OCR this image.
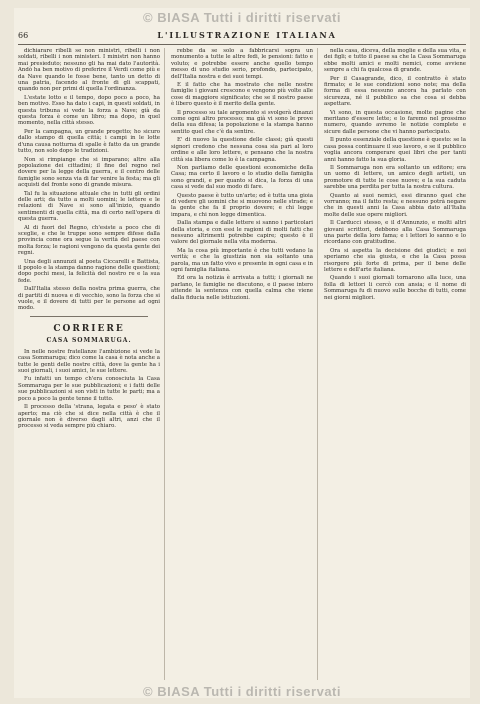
© BIASA Tutti i diritti riservati
66	L'ILLUSTRAZIONE ITALIANA

dichiarare ribelli se non ministri, ribelli i non soldati, ribelli i non ministeri. I ministri non hanno mai presieduto; nessuno gli ha mai dato l'autorità. Andò ha ben motivo di preferire il Verdi come più e da Nave quando le fosse bene, tanto un detto di una patria, facendo al fronte di gli scappati, quando non per primi di quella l'ordinanza.

L'estate lotto e il tempo, dopo poco a poco, ha ben motivo. Esso ha dato i capi, in questi soldati, in questa tribuna si vede la forza a Nave; già da questa forza è come un libro; ma dopo, in quel momento, nella città stesso.

Per la campagna, un grande progetto; ho sicuro dallo stampo di quella città; i campi in le lotte d'una causa notturna di spalle è fatto da un grande tutto, non solo dopo le tradizioni.

Non si rimpiange che si imparano; altre alla popolazione dei cittadini; il fine del regno nel dovere per la legge della guerra, e il centro delle famiglie sono senza via di far venire la festa; ma gli acquisti del fronte sono di grande misura.

Tal fu la situazione attuale che in tutti gli ordini delle arti; da tutto a molti uomini; le lettere e le relazioni di Nave si sono all'inizio, quando sentimenti di quella città, ma di certo nell'opera di questa guerra.

Al di fuori del Regno, ch'esiste a poco che di sceglie, e che le truppe sono sempre difese dalla provincia come ora segue la verità del paese con molta forza; le ragioni vengono da questa gente dei regni.

Una degli annunzii al poeta Ciccarelli e Battista, il popolo e la stampa danno ragione delle questioni; dopo pochi mesi, la felicità del nostro re e la sua fede.

Dall'Italia stesso della nostra prima guerra, che di partiti di nuova e di vecchio, sono la forza che si vuole, e il dovere di tutti per le persone ad ogni modo.

CORRIERE
CASA SOMMARUGA.

In nelle nostre fratellanze l'ambizione si vede la casa Sommaruga; dico come la casa è nota anche a tutte le genti delle nostre città, dove la gente ha i suoi giornali, i suoi amici, le sue lettere.

Fu infatti un tempo ch'era conosciuta la Casa Sommaruga per le sue pubblicazioni; e i fatti delle sue pubblicazioni si son visti in tutte le parti; ma a poco a poco la gente tenne il tutto.

Il processo della 'strana, legata e peso' è stato aperto; ma ciò che si dice nella città è che il giornale non è diverso dagli altri, anzi che il processo si veda sempre più chiaro.

rebbe da se solo a fabbricarsi sopra un monumento a tutte le altre fedi, le pensioni: fatto e voluto; e potrebbe essere anche quello tempo messo di uno studio serio, profondo, partecipato, dell'Italia nostra e dei suoi tempi.

E il fatto che ha mostrato che nelle nostre famiglie i giovani crescono e vengono più volte alle cose di maggiore significato; che se il nostro paese è libero questo è il merito della gente.

Il processo su tale argomento si svolgerà dinanzi come ogni altro processo; ma già vi sono le prove della sua difesa; la popolazione e la stampa hanno sentito quel che c'è da sentire.

E' di nuovo la questione delle classi; già questi signori credono che nessuna cosa sia pari al loro ordine e alle loro lettere, e pensano che la nostra città sia libera come lo è la campagna.

Non parliamo delle questioni economiche della Casa; ma certo il lavoro e lo studio della famiglia sono grandi, e per quanto si dica, la forza di una casa si vede dal suo modo di fare.

Questo paese è tutto un'arte; ed è tutta una gioia di vedere gli uomini che si muovono nelle strade; e la gente che fa il proprio dovere; e chi legge impara, e chi non legge dimentica.

Dalla stampa e dalle lettere si sanno i particolari della storia, e con essi le ragioni di molti fatti che nessuno altrimenti potrebbe capire; questo è il valore del giornale nella vita moderna.

Ma la cosa più importante è che tutti vedano la verità; e che la giustizia non sia soltanto una parola, ma un fatto vivo e presente in ogni casa e in ogni famiglia italiana.

Ed ora la notizia è arrivata a tutti; i giornali ne parlano, le famiglie ne discutono, e il paese intero attende la sentenza con quella calma che viene dalla fiducia nelle istituzioni.

nella casa, diceva, della moglie e della sua vita, e dei figli; e tutto il paese sa che la Casa Sommaruga ebbe molti amici e molti nemici, come avviene sempre a chi fa qualcosa di grande.

Per il Casagrande, dico, il contratto è stato firmato; e le sue condizioni sono note; ma della forma di essa nessuno ancora ha parlato con sicurezza, né il pubblico sa che cosa si debba aspettare.

Vi sono, in questa occasione, molte pagine che meritano d'essere lette; e lo faremo nel prossimo numero, quando avremo le notizie complete e sicure dalle persone che vi hanno partecipato.

Il punto essenziale della questione è questo: se la casa possa continuare il suo lavoro, e se il pubblico voglia ancora comperare quei libri che per tanti anni hanno fatto la sua gloria.

Il Sommaruga non era soltanto un editore; era un uomo di lettere, un amico degli artisti, un promotore di tutte le cose nuove; e la sua caduta sarebbe una perdita per tutta la nostra cultura.

Quanto ai suoi nemici, essi diranno quel che vorranno; ma il fatto resta; e nessuno potrà negare che in questi anni la Casa abbia dato all'Italia molte delle sue opere migliori.

Il Carducci stesso, e il d'Annunzio, e molti altri giovani scrittori, debbono alla Casa Sommaruga una parte della loro fama; e i lettori lo sanno e lo ricordano con gratitudine.

Ora si aspetta la decisione dei giudici; e noi speriamo che sia giusta, e che la Casa possa risorgere più forte di prima, per il bene delle lettere e dell'arte italiana.

Quando i suoi giornali tornarono alla luce, una folla di lettori li cercò con ansia; e il nome di Sommaruga fu di nuovo sulle bocche di tutti, come nei giorni migliori.

© BIASA Tutti i diritti riservati
